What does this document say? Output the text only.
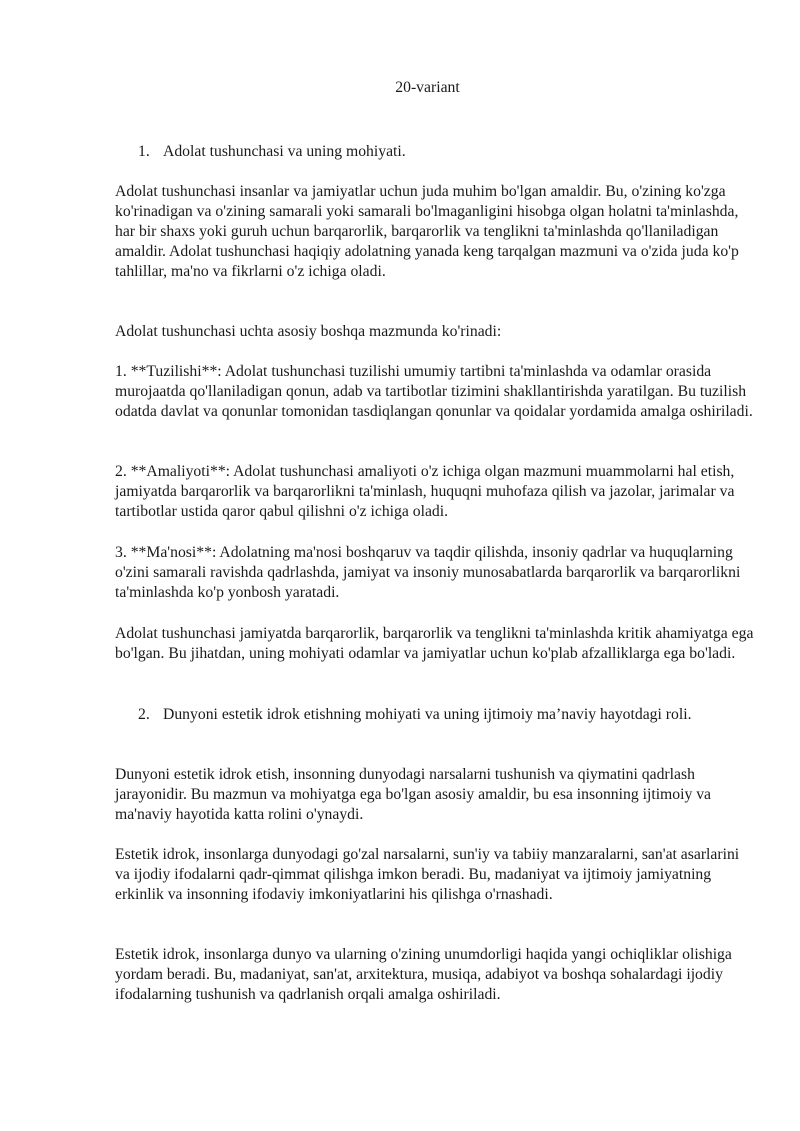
20-variant
1. Adolat tushunchasi va uning mohiyati.

Adolat tushunchasi insanlar va jamiyatlar uchun juda muhim bo'lgan amaldir. Bu, o'zining ko'zga ko'rinadigan va o'zining samarali yoki samarali bo'lmaganligini hisobga olgan holatni ta'minlashda, har bir shaxs yoki guruh uchun barqarorlik, barqarorlik va tenglikni ta'minlashda qo'llaniladigan amaldir. Adolat tushunchasi haqiqiy adolatning yanada keng tarqalgan mazmuni va o'zida juda ko'p tahlillar, ma'no va fikrlarni o'z ichiga oladi.

Adolat tushunchasi uchta asosiy boshqa mazmunda ko'rinadi:

1. **Tuzilishi**: Adolat tushunchasi tuzilishi umumiy tartibni ta'minlashda va odamlar orasida murojaatda qo'llaniladigan qonun, adab va tartibotlar tizimini shakllantirishda yaratilgan. Bu tuzilish odatda davlat va qonunlar tomonidan tasdiqlangan qonunlar va qoidalar yordamida amalga oshiriladi.

2. **Amaliyoti**: Adolat tushunchasi amaliyoti o'z ichiga olgan mazmuni muammolarni hal etish, jamiyatda barqarorlik va barqarorlikni ta'minlash, huquqni muhofaza qilish va jazolar, jarimalar va tartibotlar ustida qaror qabul qilishni o'z ichiga oladi.

3. **Ma'nosi**: Adolatning ma'nosi boshqaruv va taqdir qilishda, insoniy qadrlar va huquqlarning o'zini samarali ravishda qadrlashda, jamiyat va insoniy munosabatlarda barqarorlik va barqarorlikni ta'minlashda ko'p yonbosh yaratadi.

Adolat tushunchasi jamiyatda barqarorlik, barqarorlik va tenglikni ta'minlashda kritik ahamiyatga ega bo'lgan. Bu jihatdan, uning mohiyati odamlar va jamiyatlar uchun ko'plab afzalliklarga ega bo'ladi.

2. Dunyoni estetik idrok etishning mohiyati va uning ijtimoiy ma’naviy hayotdagi roli.

Dunyoni estetik idrok etish, insonning dunyodagi narsalarni tushunish va qiymatini qadrlash jarayonidir. Bu mazmun va mohiyatga ega bo'lgan asosiy amaldir, bu esa insonning ijtimoiy va ma'naviy hayotida katta rolini o'ynaydi.

Estetik idrok, insonlarga dunyodagi go'zal narsalarni, sun'iy va tabiiy manzaralarni, san'at asarlarini va ijodiy ifodalarni qadr-qimmat qilishga imkon beradi. Bu, madaniyat va ijtimoiy jamiyatning erkinlik va insonning ifodaviy imkoniyatlarini his qilishga o'rnashadi.

Estetik idrok, insonlarga dunyo va ularning o'zining unumdorligi haqida yangi ochiqliklar olishiga yordam beradi. Bu, madaniyat, san'at, arxitektura, musiqa, adabiyot va boshqa sohalardagi ijodiy ifodalarning tushunish va qadrlanish orqali amalga oshiriladi.
